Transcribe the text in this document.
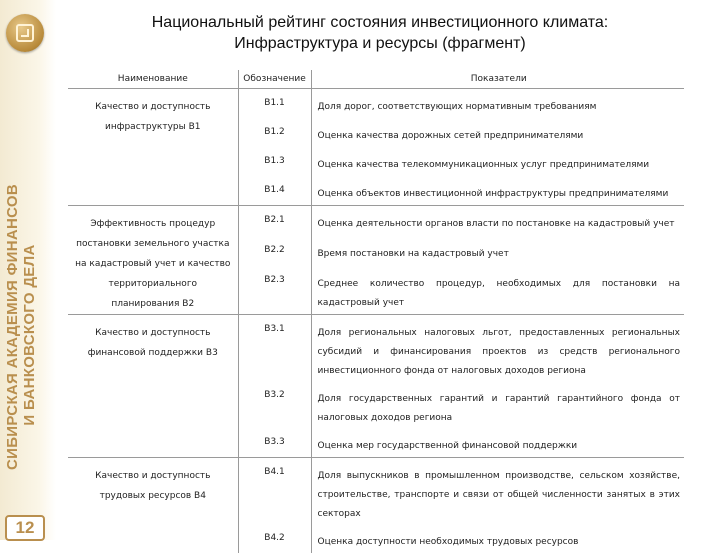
СИБИРСКАЯ АКАДЕМИЯ ФИНАНСОВ И БАНКОВСКОГО ДЕЛА
12
Национальный рейтинг состояния инвестиционного климата:
Инфраструктура и ресурсы (фрагмент)
Наименование	Обозначение	Показатели

Качество и доступность инфраструктуры В1	В1.1	Доля дорог, соответствующих нормативным требованиям

	В1.2	Оценка качества дорожных сетей предпринимателями

	В1.3	Оценка качества телекоммуникационных услуг предпринимателями

	В1.4	Оценка объектов инвестиционной инфраструктуры предпринимателями

Эффективность процедур постановки земельного участка на кадастровый учет и качество территориального планирования В2	В2.1	Оценка деятельности органов власти по постановке на кадастровый учет

	В2.2	Время постановки на кадастровый учет

	В2.3	Среднее количество процедур, необходимых для постановки на кадастровый учет

Качество и доступность финансовой поддержки В3	В3.1	Доля региональных налоговых льгот, предоставленных региональных субсидий и финансирования проектов из средств регионального инвестиционного фонда от налоговых доходов региона

	В3.2	Доля государственных гарантий и гарантий гарантийного фонда от налоговых доходов региона

	В3.3	Оценка мер государственной финансовой поддержки

Качество и доступность трудовых ресурсов В4	В4.1	Доля выпускников в промышленном производстве, сельском хозяйстве, строительстве, транспорте и связи от общей численности занятых в этих секторах

	В4.2	Оценка доступности необходимых трудовых ресурсов
